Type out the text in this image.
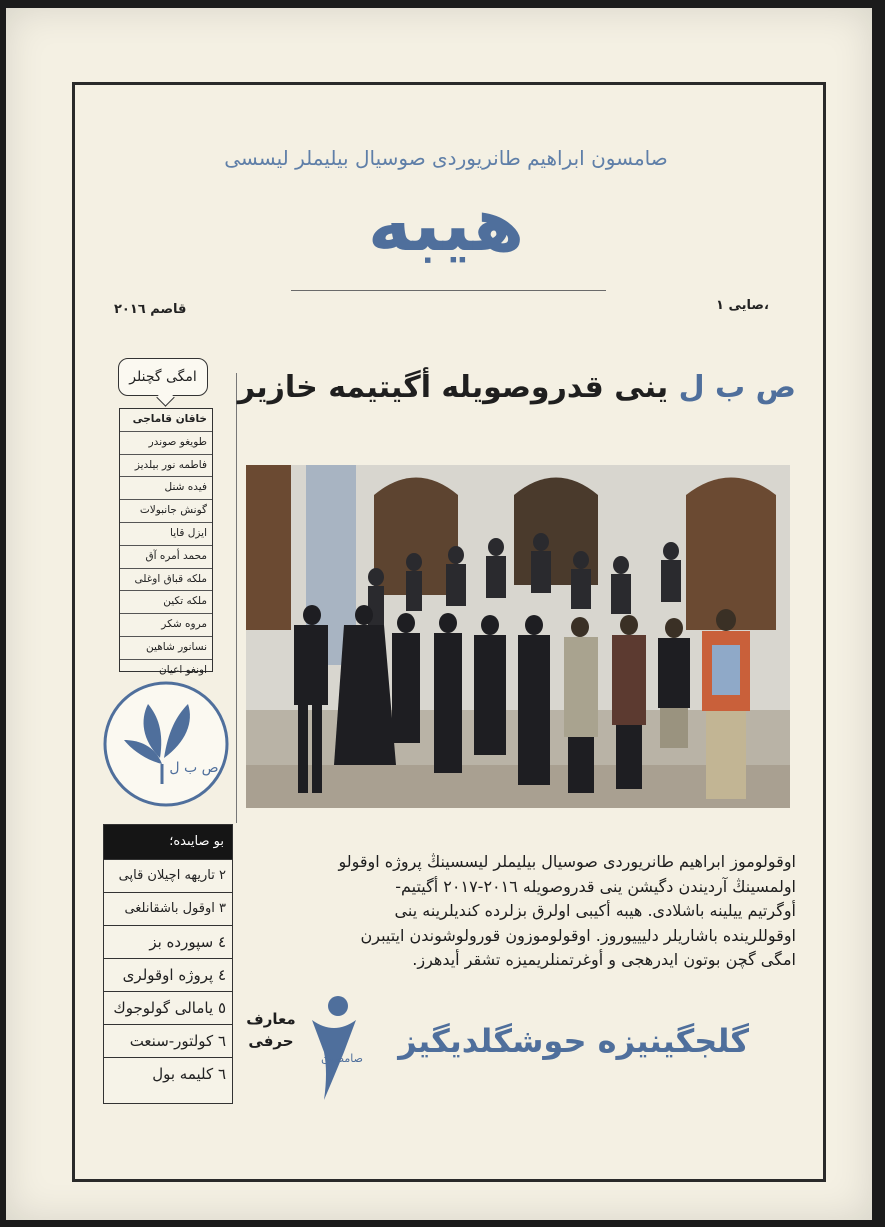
صامسون ابراهيم طانريوردى صوسيال بيليملر ليسسى
هيبه
،صايى ١
قاصم ٢٠١٦
امگى گچنلر
خاقان قاماجى
طويغو صوندر
فاطمه نور بيلديز
فيده شنل
گونش جانبولات
ايزل قايا
محمد أمره آق
ملكه قباق اوغلى
ملكه تكين
مروه شكر
نسانور شاهين
اونغو اعيان
ص ب ل
بو صايىده؛
٢ تاريهه اچيلان قاپى
٣ اوقول باشقانلغى
٤ سپورده بز
٤ پروژه اوقولرى
٥ يامالى گولوجوك
٦ كولتور-سنعت
٦ كليمه بول
ص ب ل ينى قدروصويله أگيتيمه خازير
اوقولوموز ابراهيم طانريوردى صوسيال بيليملر ليسسينڭ پروژه اوقولو
اولمسينڭ آرديندن دگيشن ينى قدروصويله ٢٠١٦-٢٠١٧ أگيتيم-
أوگرتيم ييلينه باشلادى. هيبه أكيبى اولرق بزلرده كنديلرينه ينى
اوقوللرينده باشاريلر دليييوروز. اوقولوموزون قورولوشوندن ايتيبرن
امگى گچن بوتون ايدرهجى و أوغرتمنلريميزه تشقر أيدهرز.
معارف حرفى
صامصون گلجگينيزه حوشگلديگيز
